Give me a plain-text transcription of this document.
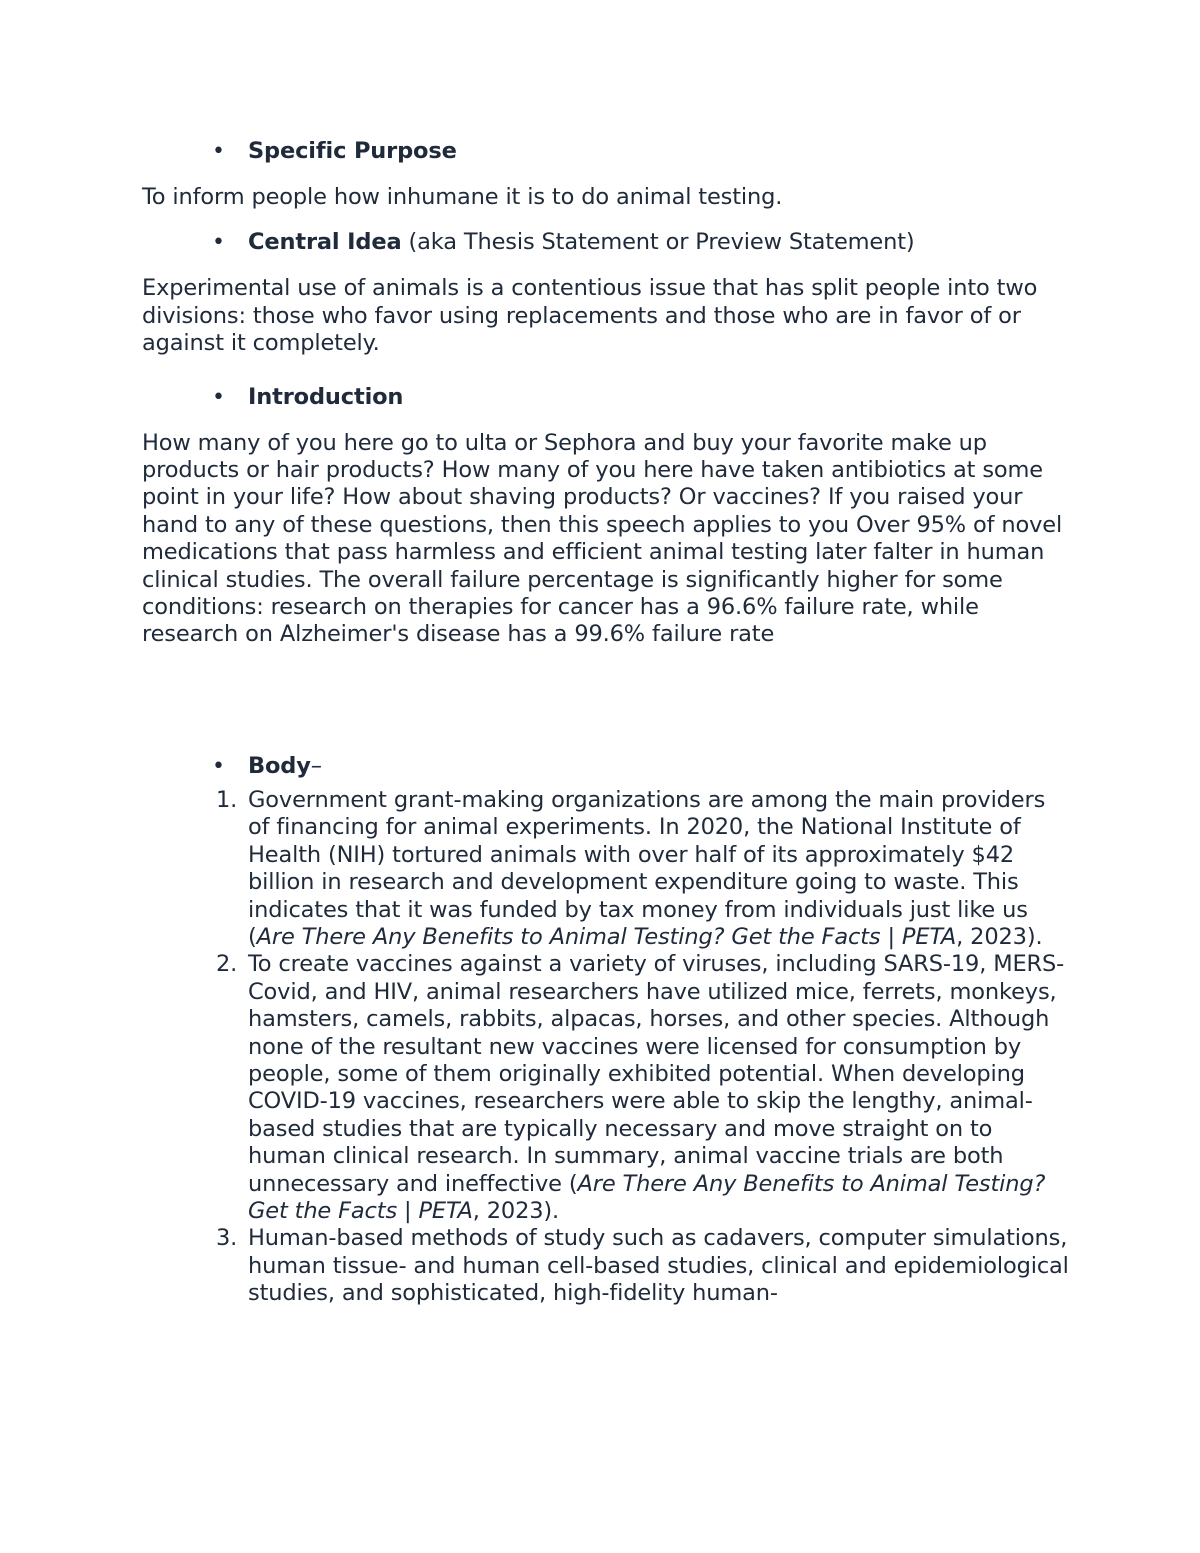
• Specific Purpose

To inform people how inhumane it is to do animal testing.

• Central Idea (aka Thesis Statement or Preview Statement)

Experimental use of animals is a contentious issue that has split people into two divisions: those who favor using replacements and those who are in favor of or against it completely.

• Introduction

How many of you here go to ulta or Sephora and buy your favorite make up products or hair products? How many of you here have taken antibiotics at some point in your life? How about shaving products? Or vaccines? If you raised your hand to any of these questions, then this speech applies to you Over 95% of novel medications that pass harmless and efficient animal testing later falter in human clinical studies. The overall failure percentage is significantly higher for some conditions: research on therapies for cancer has a 96.6% failure rate, while research on Alzheimer's disease has a 99.6% failure rate

• Body–
1. Government grant-making organizations are among the main providers of financing for animal experiments. In 2020, the National Institute of Health (NIH) tortured animals with over half of its approximately $42 billion in research and development expenditure going to waste. This indicates that it was funded by tax money from individuals just like us (Are There Any Benefits to Animal Testing? Get the Facts | PETA, 2023).
2. To create vaccines against a variety of viruses, including SARS-19, MERS-Covid, and HIV, animal researchers have utilized mice, ferrets, monkeys, hamsters, camels, rabbits, alpacas, horses, and other species. Although none of the resultant new vaccines were licensed for consumption by people, some of them originally exhibited potential. When developing COVID-19 vaccines, researchers were able to skip the lengthy, animal-based studies that are typically necessary and move straight on to human clinical research. In summary, animal vaccine trials are both unnecessary and ineffective (Are There Any Benefits to Animal Testing? Get the Facts | PETA, 2023).
3. Human-based methods of study such as cadavers, computer simulations, human tissue- and human cell-based studies, clinical and epidemiological studies, and sophisticated, high-fidelity human-
